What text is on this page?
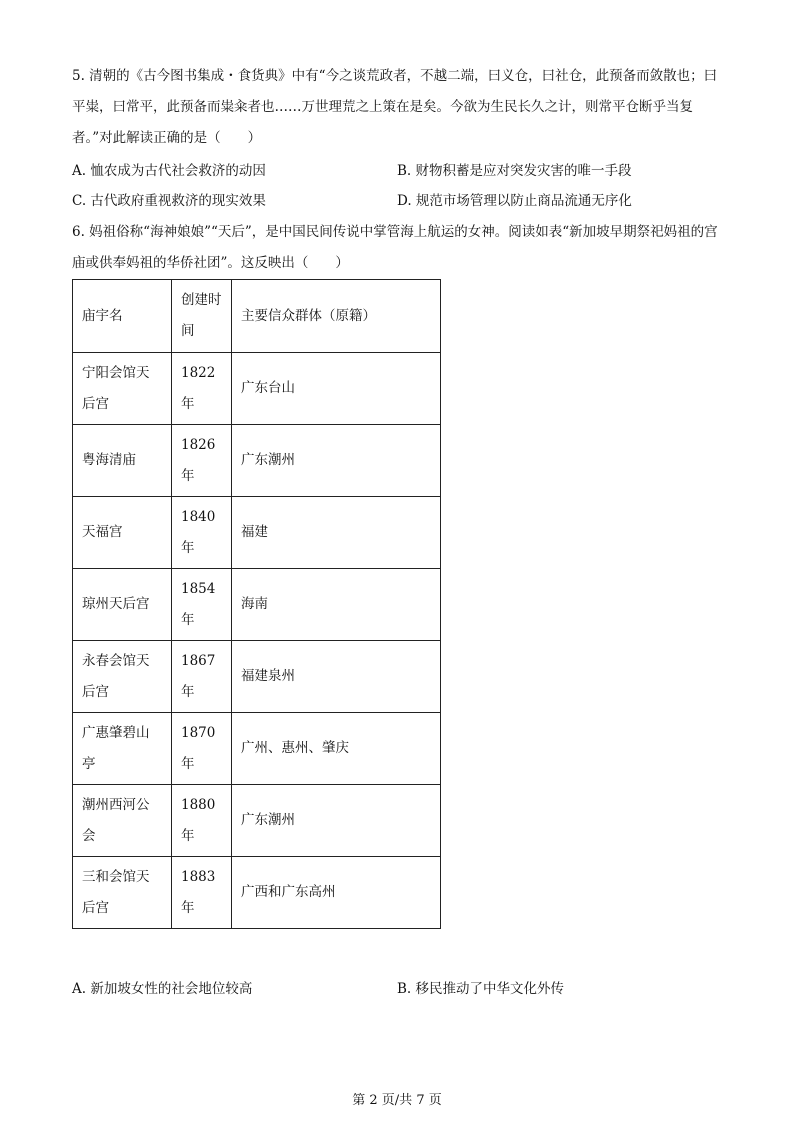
5. 清朝的《古今图书集成・食货典》中有“今之谈荒政者，不越二端，曰义仓，曰社仓，此预备而敛散也；曰平粜，曰常平，此预备而粜籴者也……万世理荒之上策在是矣。今欲为生民长久之计，则常平仓断乎当复者。”对此解读正确的是（　　）
A. 恤农成为古代社会救济的动因	B. 财物积蓄是应对突发灾害的唯一手段
C. 古代政府重视救济的现实效果	D. 规范市场管理以防止商品流通无序化
6. 妈祖俗称“海神娘娘”“天后”，是中国民间传说中掌管海上航运的女神。阅读如表“新加坡早期祭祀妈祖的宫庙或供奉妈祖的华侨社团”。这反映出（　　）
庙宇名	创建时间	主要信众群体（原籍）
宁阳会馆天后宫	1822年	广东台山
粤海清庙	1826年	广东潮州
天福宫	1840年	福建
琼州天后宫	1854年	海南
永春会馆天后宫	1867年	福建泉州
广惠肇碧山亭	1870年	广州、惠州、肇庆
潮州西河公会	1880年	广东潮州
三和会馆天后宫	1883年	广西和广东高州
A. 新加坡女性的社会地位较高	B. 移民推动了中华文化外传
第 2 页/共 7 页
